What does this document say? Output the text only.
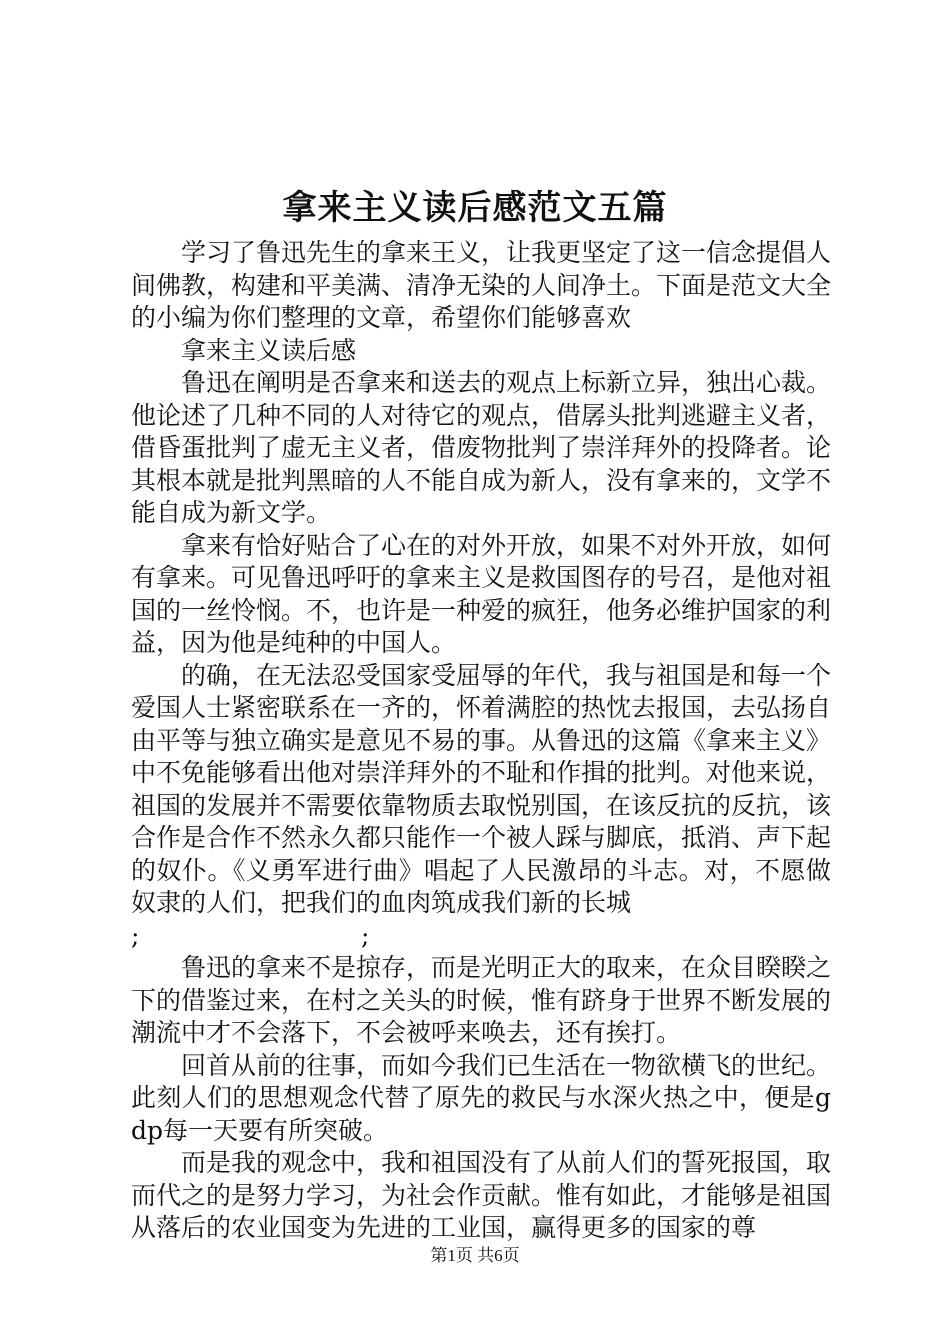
拿来主义读后感范文五篇

学习了鲁迅先生的拿来王义，让我更坚定了这一信念提倡人间佛教，构建和平美满、清净无染的人间净土。下面是范文大全的小编为你们整理的文章，希望你们能够喜欢

拿来主义读后感

鲁迅在阐明是否拿来和送去的观点上标新立异，独出心裁。他论述了几种不同的人对待它的观点，借孱头批判逃避主义者，借昏蛋批判了虚无主义者，借废物批判了崇洋拜外的投降者。论其根本就是批判黑暗的人不能自成为新人，没有拿来的，文学不能自成为新文学。

拿来有恰好贴合了心在的对外开放，如果不对外开放，如何有拿来。可见鲁迅呼吁的拿来主义是救国图存的号召，是他对祖国的一丝怜悯。不，也许是一种爱的疯狂，他务必维护国家的利益，因为他是纯种的中国人。

的确，在无法忍受国家受屈辱的年代，我与祖国是和每一个爱国人士紧密联系在一齐的，怀着满腔的热忱去报国，去弘扬自由平等与独立确实是意见不易的事。从鲁迅的这篇《拿来主义》中不免能够看出他对崇洋拜外的不耻和作揖的批判。对他来说，祖国的发展并不需要依靠物质去取悦别国，在该反抗的反抗，该合作是合作不然永久都只能作一个被人踩与脚底，抵消、声下起的奴仆。《义勇军进行曲》唱起了人民激昂的斗志。对，不愿做奴隶的人们，把我们的血肉筑成我们新的长城

;	;

鲁迅的拿来不是掠存，而是光明正大的取来，在众目睽睽之下的借鉴过来，在村之关头的时候，惟有跻身于世界不断发展的潮流中才不会落下，不会被呼来唤去，还有挨打。

回首从前的往事，而如今我们已生活在一物欲横飞的世纪。此刻人们的思想观念代替了原先的救民与水深火热之中，便是gdp每一天要有所突破。

而是我的观念中，我和祖国没有了从前人们的誓死报国，取而代之的是努力学习，为社会作贡献。惟有如此，才能够是祖国从落后的农业国变为先进的工业国，赢得更多的国家的尊

第1页 共6页
